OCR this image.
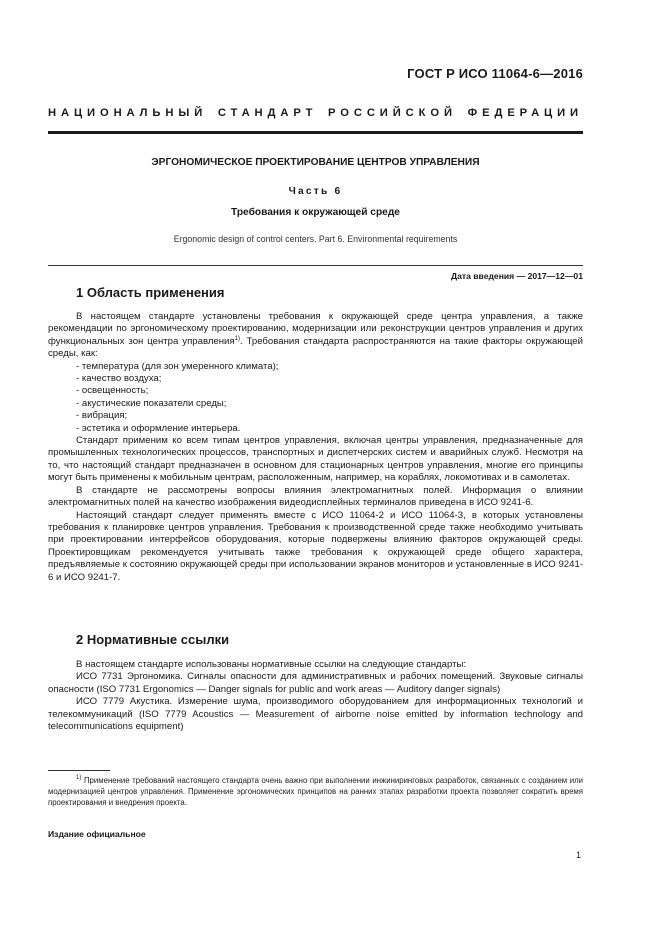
ГОСТ Р ИСО 11064-6—2016
НАЦИОНАЛЬНЫЙ СТАНДАРТ РОССИЙСКОЙ ФЕДЕРАЦИИ
ЭРГОНОМИЧЕСКОЕ ПРОЕКТИРОВАНИЕ ЦЕНТРОВ УПРАВЛЕНИЯ
Часть 6
Требования к окружающей среде
Ergonomic design of control centers. Part 6. Environmental requirements
Дата введения — 2017—12—01
1 Область применения

В настоящем стандарте установлены требования к окружающей среде центра управления, а также рекомендации по эргономическому проектированию, модернизации или реконструкции центров управления и других функциональных зон центра управления$^{1)}$. Требования стандарта распространяются на такие факторы окружающей среды, как:

- температура (для зон умеренного климата);
- качество воздуха;
- освещенность;
- акустические показатели среды;
- вибрация;
- эстетика и оформление интерьера.

Стандарт применим ко всем типам центров управления, включая центры управления, предназначенные для промышленных технологических процессов, транспортных и диспетчерских систем и аварийных служб. Несмотря на то, что настоящий стандарт предназначен в основном для стационарных центров управления, многие его принципы могут быть применены к мобильным центрам, расположенным, например, на кораблях, локомотивах и в самолетах.

В стандарте не рассмотрены вопросы влияния электромагнитных полей. Информация о влиянии электромагнитных полей на качество изображения видеодисплейных терминалов приведена в ИСО 9241-6.

Настоящий стандарт следует применять вместе с ИСО 11064-2 и ИСО 11064-3, в которых установлены требования к планировке центров управления. Требования к производственной среде также необходимо учитывать при проектировании интерфейсов оборудования, которые подвержены влиянию факторов окружающей среды. Проектировщикам рекомендуется учитывать также требования к окружающей среде общего характера, предъявляемые к состоянию окружающей среды при использовании экранов мониторов и установленные в ИСО 9241-6 и ИСО 9241-7.

2 Нормативные ссылки

В настоящем стандарте использованы нормативные ссылки на следующие стандарты:

ИСО 7731 Эргономика. Сигналы опасности для административных и рабочих помещений. Звуковые сигналы опасности (ISO 7731 Ergonomics — Danger signals for public and work areas — Auditory danger signals)

ИСО 7779 Акустика. Измерение шума, производимого оборудованием для информационных технологий и телекоммуникаций (ISO 7779 Acoustics — Measurement of airborne noise emitted by information technology and telecommunications equipment)

$^{1)}$ Применение требований настоящего стандарта очень важно при выполнении инжиниринговых разработок, связанных с созданием или модернизацией центров управления. Применение эргономических принципов на ранних этапах разработки проекта позволяет сократить время проектирования и внедрения проекта.

Издание официальное
1
